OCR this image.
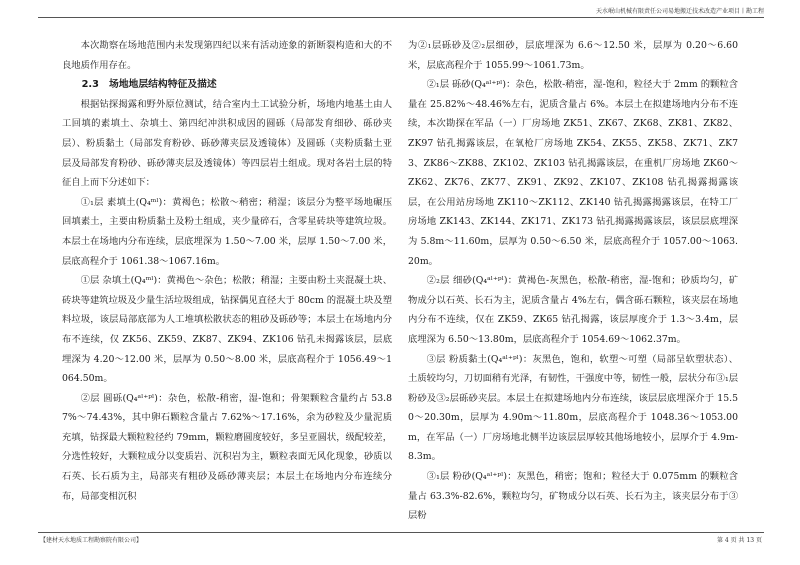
天水岷山机械有限责任公司易地搬迁技术改造产业项目丨勘工程

本次勘察在场地范围内未发现第四纪以来有活动迹象的新断裂构造和大的不良地质作用存在。

2.3 场地地层结构特征及描述

根据钻探揭露和野外原位测试，结合室内土工试验分析，场地内地基土由人工回填的素填土、杂填土、第四纪冲洪积成因的圆砾（局部发育细砂、砾砂夹层）、粉质黏土（局部发育粉砂、砾砂薄夹层及透镜体）及圆砾（夹粉质黏土亚层及局部发育粉砂、砾砂薄夹层及透镜体）等四层岩土组成。现对各岩土层的特征自上而下分述如下：

①₁层 素填土(Q₄ᵐˡ)：黄褐色；松散～稍密；稍湿；该层分为整平场地碾压回填素土，主要由粉质黏土及粉土组成，夹少量碎石，含零星砖块等建筑垃圾。本层土在场地内分布连续，层底埋深为 1.50～7.00 米，层厚 1.50～7.00 米，层底高程介于 1061.38～1067.16m。

①层 杂填土(Q₄ᵐˡ)：黄褐色～杂色；松散；稍湿；主要由粉土夹混凝土块、砖块等建筑垃圾及少量生活垃圾组成，钻探偶见直径大于 80cm 的混凝土块及塑料垃圾，该层局部底部为人工堆填松散状态的粗砂及砾砂等；本层土在场地内分布不连续，仅 ZK56、ZK59、ZK87、ZK94、ZK106 钻孔未揭露该层，层底埋深为 4.20～12.00 米，层厚为 0.50～8.00 米，层底高程介于 1056.49～1064.50m。

②层 圆砾(Q₄ᵃˡ⁺ᵖˡ)：杂色，松散-稍密，湿-饱和；骨架颗粒含量约占 53.87%～74.43%，其中卵石颗粒含量占 7.62%～17.16%，余为砂粒及少量泥质充填，钻探最大颗粒粒径约 79mm，颗粒磨圆度较好，多呈亚圆状，级配较差，分选性较好，大颗粒成分以变质岩、沉积岩为主，颗粒表面无风化现象，砂质以石英、长石质为主，局部夹有粗砂及砾砂薄夹层；本层土在场地内分布连续分布，局部变相沉积

为②₁层砾砂及②₂层细砂，层底埋深为 6.6～12.50 米，层厚为 0.20～6.60 米，层底高程介于 1055.99～1061.73m。

②₁层 砾砂(Q₄ᵃˡ⁺ᵖˡ)：杂色，松散-稍密，湿-饱和，粒径大于 2mm 的颗粒含量在 25.82%～48.46%左右，泥质含量占 6%。本层土在拟建场地内分布不连续，本次勘探在军品（一）厂房场地 ZK51、ZK67、ZK68、ZK81、ZK82、ZK97 钻孔揭露该层，在氧枪厂房场地 ZK54、ZK55、ZK58、ZK71、ZK73、ZK86～ZK88、ZK102、ZK103 钻孔揭露该层，在重机厂房场地 ZK60～ZK62、ZK76、ZK77、ZK91、ZK92、ZK107、ZK108 钻孔揭露揭露该层，在公用站房场地 ZK110～ZK112、ZK140 钻孔揭露揭露该层，在特工厂房场地 ZK143、ZK144、ZK171、ZK173 钻孔揭露揭露该层，该层层底埋深为 5.8m～11.60m，层厚为 0.50～6.50 米，层底高程介于 1057.00～1063.20m。

②₂层 细砂(Q₄ᵃˡ⁺ᵖˡ)：黄褐色-灰黑色，松散-稍密，湿-饱和；砂质均匀，矿物成分以石英、长石为主，泥质含量占 4%左右，偶含砾石颗粒，该夹层在场地内分布不连续，仅在 ZK59、ZK65 钻孔揭露，该层厚度介于 1.3～3.4m，层底埋深为 6.50～13.80m，层底高程介于 1054.69～1062.37m。

③层 粉质黏土(Q₄ᵃˡ⁺ᵖˡ)：灰黑色，饱和，软塑～可塑（局部呈软塑状态）、土质较均匀，刀切面稍有光泽，有韧性，干强度中等，韧性一般，层状分布③₁层粉砂及③₂层砾砂夹层。本层土在拟建场地内分布连续，该层层底埋深介于 15.50～20.30m，层厚为 4.90m～11.80m，层底高程介于 1048.36～1053.00m，在军品（一）厂房场地北侧半边该层层厚较其他场地较小，层厚介于 4.9m-8.3m。

③₁层 粉砂(Q₄ᵃˡ⁺ᵖˡ)：灰黑色，稍密；饱和；粒径大于 0.075mm 的颗粒含量占 63.3%-82.6%，颗粒均匀，矿物成分以石英、长石为主，该夹层分布于③层粉

【建材天水地质工程勘察院有限公司】	第 4 页 共 13 页
